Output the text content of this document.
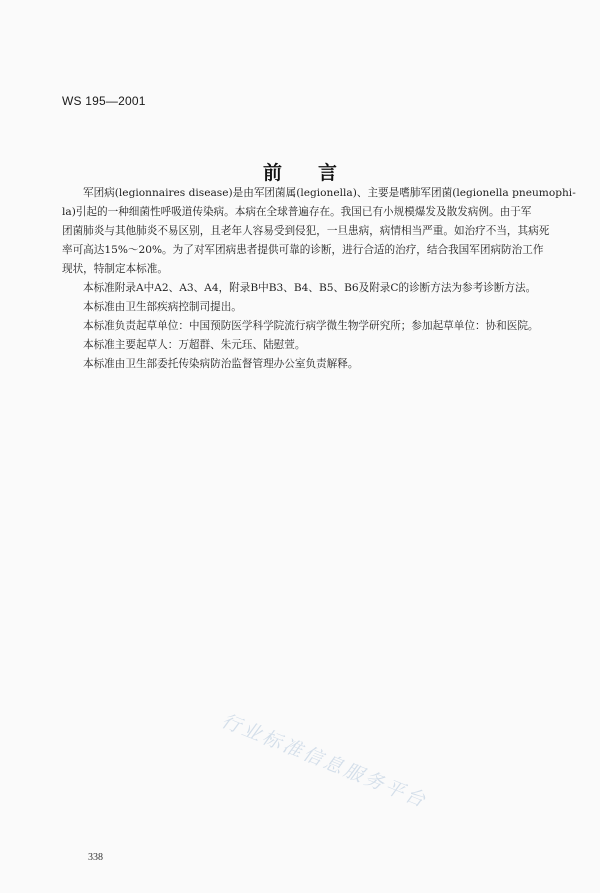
WS 195—2001
前 言
军团病(legionnaires disease)是由军团菌属(legionella)、主要是嗜肺军团菌(legionella pneumophi-
la)引起的一种细菌性呼吸道传染病。本病在全球普遍存在。我国已有小规模爆发及散发病例。由于军
团菌肺炎与其他肺炎不易区别，且老年人容易受到侵犯，一旦患病，病情相当严重。如治疗不当，其病死
率可高达15%～20%。为了对军团病患者提供可靠的诊断，进行合适的治疗，结合我国军团病防治工作
现状，特制定本标准。
本标准附录A中A2、A3、A4，附录B中B3、B4、B5、B6及附录C的诊断方法为参考诊断方法。
本标准由卫生部疾病控制司提出。
本标准负责起草单位：中国预防医学科学院流行病学微生物学研究所；参加起草单位：协和医院。
本标准主要起草人：万超群、朱元珏、陆慰萱。
本标准由卫生部委托传染病防治监督管理办公室负责解释。
行业标准信息服务平台
338
